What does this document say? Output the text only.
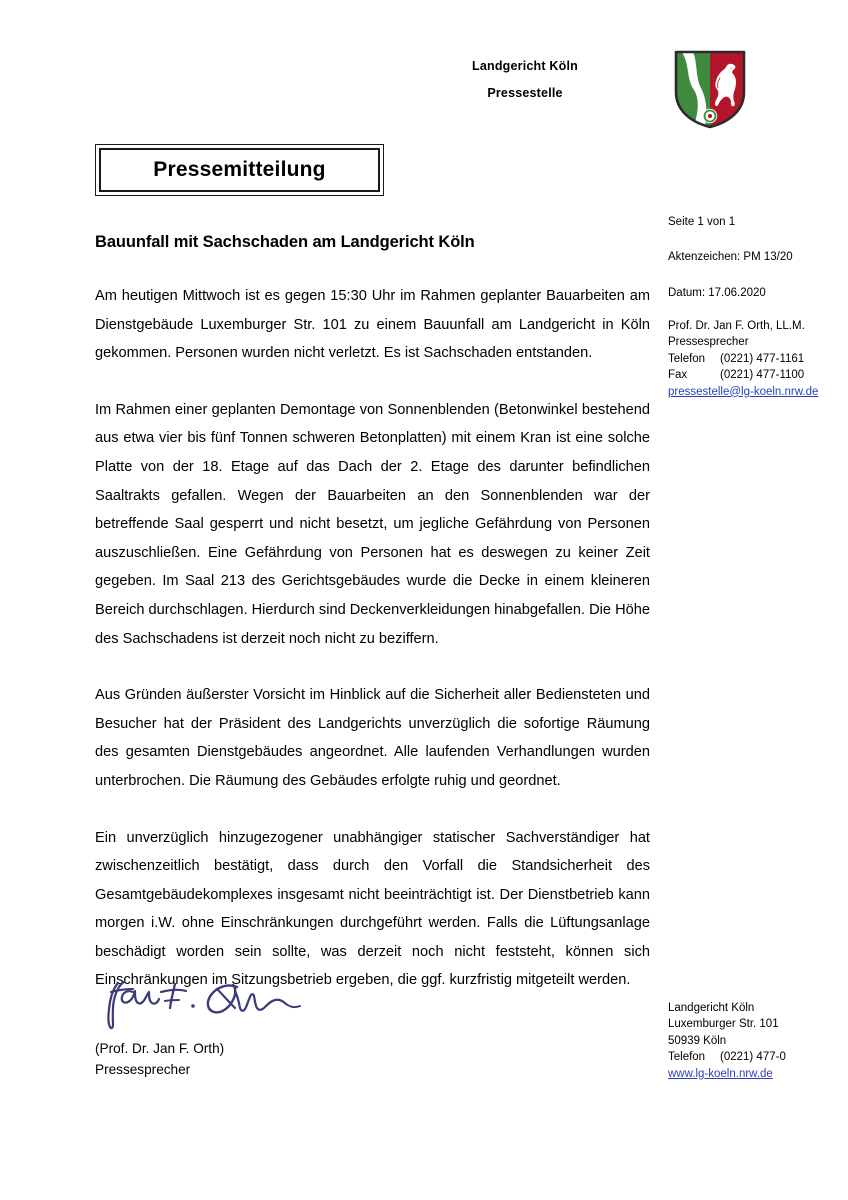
Landgericht Köln
Pressestelle
Pressemitteilung
Bauunfall mit Sachschaden am Landgericht Köln

Am heutigen Mittwoch ist es gegen 15:30 Uhr im Rahmen geplanter Bauarbeiten am Dienstgebäude Luxemburger Str. 101 zu einem Bauunfall am Landgericht in Köln gekommen. Personen wurden nicht verletzt. Es ist Sachschaden entstanden.

Im Rahmen einer geplanten Demontage von Sonnenblenden (Betonwinkel bestehend aus etwa vier bis fünf Tonnen schweren Betonplatten) mit einem Kran ist eine solche Platte von der 18. Etage auf das Dach der 2. Etage des darunter befindlichen Saaltrakts gefallen. Wegen der Bauarbeiten an den Sonnenblenden war der betreffende Saal gesperrt und nicht besetzt, um jegliche Gefährdung von Personen auszuschließen. Eine Gefährdung von Personen hat es deswegen zu keiner Zeit gegeben. Im Saal 213 des Gerichtsgebäudes wurde die Decke in einem kleineren Bereich durchschlagen. Hierdurch sind Deckenverkleidungen hinabgefallen. Die Höhe des Sachschadens ist derzeit noch nicht zu beziffern.

Aus Gründen äußerster Vorsicht im Hinblick auf die Sicherheit aller Bediensteten und Besucher hat der Präsident des Landgerichts unverzüglich die sofortige Räumung des gesamten Dienstgebäudes angeordnet. Alle laufenden Verhandlungen wurden unterbrochen. Die Räumung des Gebäudes erfolgte ruhig und geordnet.

Ein unverzüglich hinzugezogener unabhängiger statischer Sachverständiger hat zwischenzeitlich bestätigt, dass durch den Vorfall die Standsicherheit des Gesamtgebäudekomplexes insgesamt nicht beeinträchtigt ist. Der Dienstbetrieb kann morgen i.W. ohne Einschränkungen durchgeführt werden. Falls die Lüftungsanlage beschädigt worden sein sollte, was derzeit noch nicht feststeht, können sich Einschränkungen im Sitzungsbetrieb ergeben, die ggf. kurzfristig mitgeteilt werden.

Seite 1 von 1
Aktenzeichen: PM 13/20
Datum: 17.06.2020
Prof. Dr. Jan F. Orth, LL.M.
Pressesprecher
Telefon	(0221) 477-1161
Fax	(0221) 477-1100
pressestelle@lg-koeln.nrw.de
(Prof. Dr. Jan F. Orth)
Pressesprecher
Landgericht Köln
Luxemburger Str. 101
50939 Köln
Telefon	(0221) 477-0
www.lg-koeln.nrw.de
